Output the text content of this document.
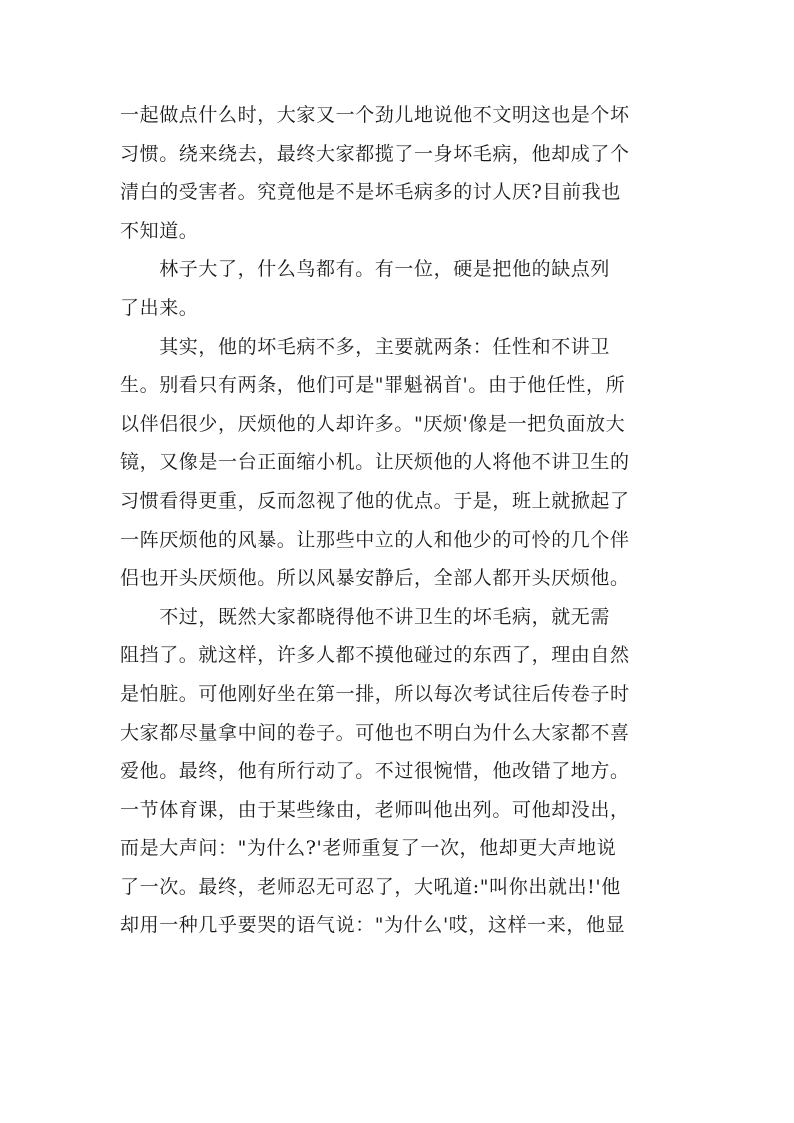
一起做点什么时，大家又一个劲儿地说他不文明这也是个坏
习惯。绕来绕去，最终大家都揽了一身坏毛病，他却成了个
清白的受害者。究竟他是不是坏毛病多的讨人厌?目前我也
不知道。
　　林子大了，什么鸟都有。有一位，硬是把他的缺点列
了出来。
　　其实，他的坏毛病不多，主要就两条：任性和不讲卫
生。别看只有两条，他们可是"罪魁祸首'。由于他任性，所
以伴侣很少，厌烦他的人却许多。"厌烦'像是一把负面放大
镜，又像是一台正面缩小机。让厌烦他的人将他不讲卫生的
习惯看得更重，反而忽视了他的优点。于是，班上就掀起了
一阵厌烦他的风暴。让那些中立的人和他少的可怜的几个伴
侣也开头厌烦他。所以风暴安静后，全部人都开头厌烦他。
　　不过，既然大家都晓得他不讲卫生的坏毛病，就无需
阻挡了。就这样，许多人都不摸他碰过的东西了，理由自然
是怕脏。可他刚好坐在第一排，所以每次考试往后传卷子时
大家都尽量拿中间的卷子。可他也不明白为什么大家都不喜
爱他。最终，他有所行动了。不过很惋惜，他改错了地方。
一节体育课，由于某些缘由，老师叫他出列。可他却没出，
而是大声问："为什么?'老师重复了一次，他却更大声地说
了一次。最终，老师忍无可忍了，大吼道:"叫你出就出!'他
却用一种几乎要哭的语气说："为什么'哎，这样一来，他显
